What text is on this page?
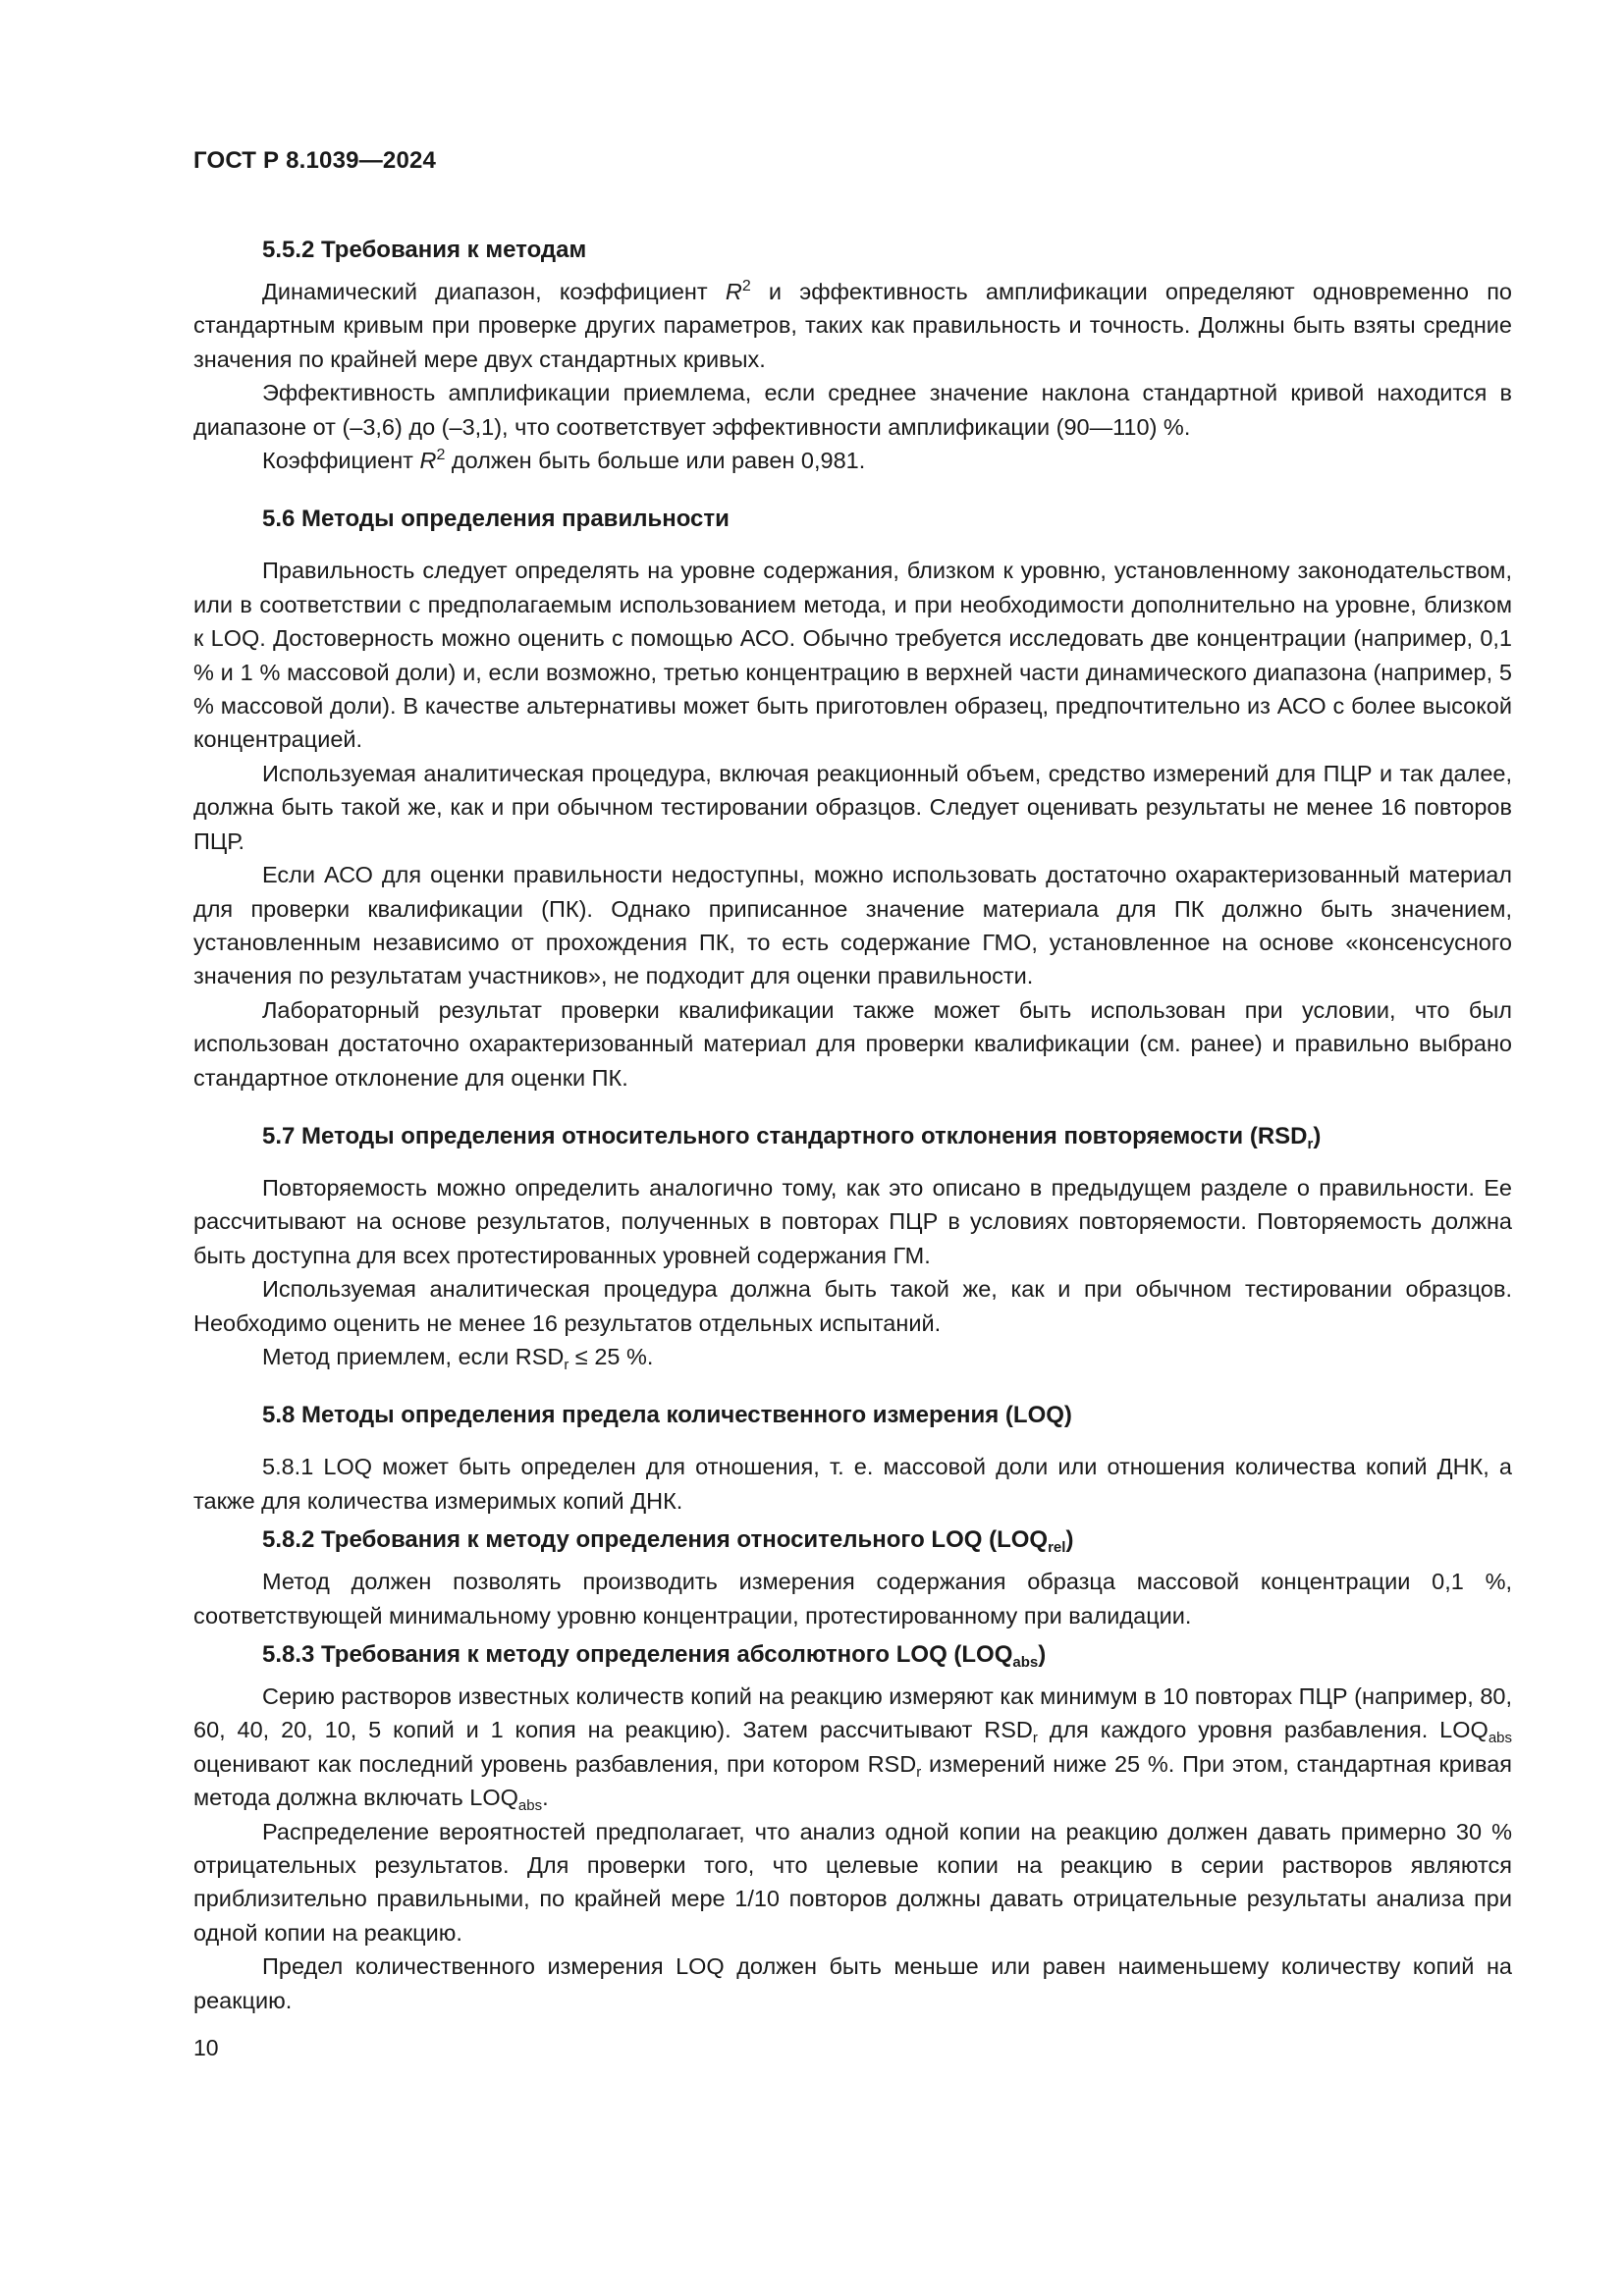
ГОСТ Р 8.1039—2024
5.5.2 Требования к методам

Динамический диапазон, коэффициент $R^2$ и эффективность амплификации определяют одновременно по стандартным кривым при проверке других параметров, таких как правильность и точность. Должны быть взяты средние значения по крайней мере двух стандартных кривых.

Эффективность амплификации приемлема, если среднее значение наклона стандартной кривой находится в диапазоне от (–3,6) до (–3,1), что соответствует эффективности амплификации (90—110) %.

Коэффициент $R^2$ должен быть больше или равен 0,981.

5.6 Методы определения правильности

Правильность следует определять на уровне содержания, близком к уровню, установленному законодательством, или в соответствии с предполагаемым использованием метода, и при необходимости дополнительно на уровне, близком к LOQ. Достоверность можно оценить с помощью АСО. Обычно требуется исследовать две концентрации (например, 0,1 % и 1 % массовой доли) и, если возможно, третью концентрацию в верхней части динамического диапазона (например, 5 % массовой доли). В качестве альтернативы может быть приготовлен образец, предпочтительно из АСО с более высокой концентрацией.

Используемая аналитическая процедура, включая реакционный объем, средство измерений для ПЦР и так далее, должна быть такой же, как и при обычном тестировании образцов. Следует оценивать результаты не менее 16 повторов ПЦР.

Если АСО для оценки правильности недоступны, можно использовать достаточно охарактеризованный материал для проверки квалификации (ПК). Однако приписанное значение материала для ПК должно быть значением, установленным независимо от прохождения ПК, то есть содержание ГМО, установленное на основе «консенсусного значения по результатам участников», не подходит для оценки правильности.

Лабораторный результат проверки квалификации также может быть использован при условии, что был использован достаточно охарактеризованный материал для проверки квалификации (см. ранее) и правильно выбрано стандартное отклонение для оценки ПК.

5.7 Методы определения относительного стандартного отклонения повторяемости $(RSD_r)$

Повторяемость можно определить аналогично тому, как это описано в предыдущем разделе о правильности. Ее рассчитывают на основе результатов, полученных в повторах ПЦР в условиях повторяемости. Повторяемость должна быть доступна для всех протестированных уровней содержания ГМ.

Используемая аналитическая процедура должна быть такой же, как и при обычном тестировании образцов. Необходимо оценить не менее 16 результатов отдельных испытаний.

Метод приемлем, если $RSD_r \le 25$ %.

5.8 Методы определения предела количественного измерения (LOQ)

5.8.1 LOQ может быть определен для отношения, т. е. массовой доли или отношения количества копий ДНК, а также для количества измеримых копий ДНК.

5.8.2 Требования к методу определения относительного LOQ $(LOQ_{rel})$

Метод должен позволять производить измерения содержания образца массовой концентрации 0,1 %, соответствующей минимальному уровню концентрации, протестированному при валидации.

5.8.3 Требования к методу определения абсолютного LOQ $(LOQ_{abs})$

Серию растворов известных количеств копий на реакцию измеряют как минимум в 10 повторах ПЦР (например, 80, 60, 40, 20, 10, 5 копий и 1 копия на реакцию). Затем рассчитывают $RSD_r$ для каждого уровня разбавления. $LOQ_{abs}$ оценивают как последний уровень разбавления, при котором $RSD_r$ измерений ниже 25 %. При этом, стандартная кривая метода должна включать $LOQ_{abs}$.

Распределение вероятностей предполагает, что анализ одной копии на реакцию должен давать примерно 30 % отрицательных результатов. Для проверки того, что целевые копии на реакцию в серии растворов являются приблизительно правильными, по крайней мере 1/10 повторов должны давать отрицательные результаты анализа при одной копии на реакцию.

Предел количественного измерения LOQ должен быть меньше или равен наименьшему количеству копий на реакцию.

10
